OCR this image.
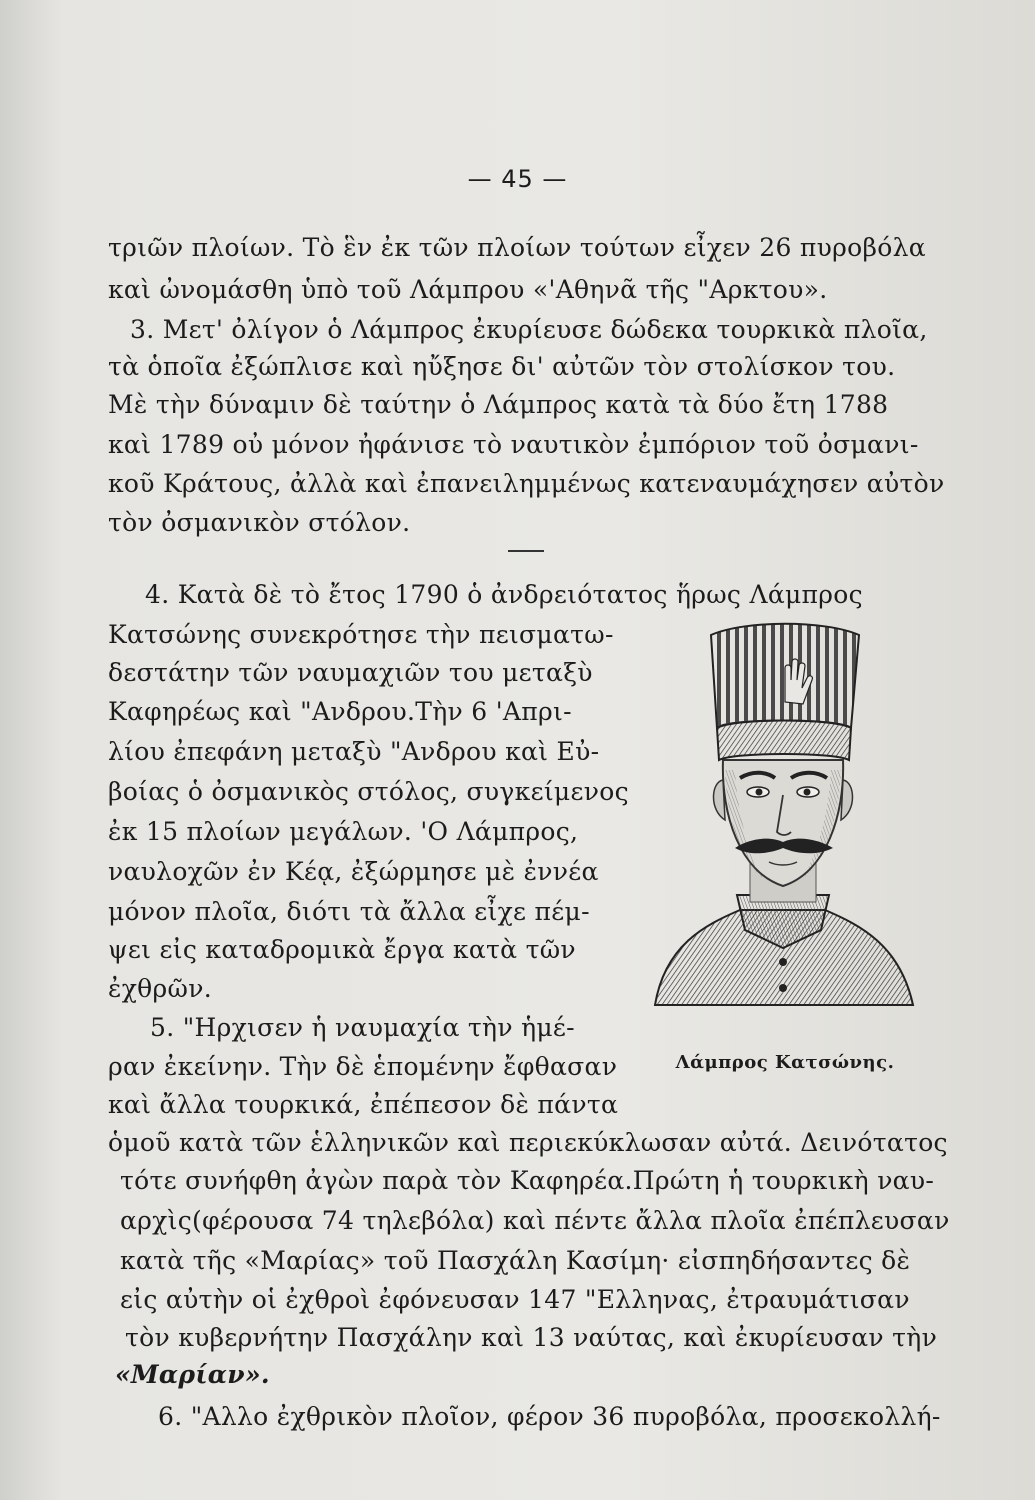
— 45 —
τριῶν πλοίων. Τὸ ἓν ἐκ τῶν πλοίων τούτων εἶχεν 26 πυροβόλα
καὶ ὠνομάσθη ὑπὸ τοῦ Λάμπρου «'Αθηνᾶ τῆς "Αρκτου».
3. Μετ' ὀλίγον ὁ Λάμπρος ἐκυρίευσε δώδεκα τουρκικὰ πλοῖα,
τὰ ὁποῖα ἐξώπλισε καὶ ηὔξησε δι' αὐτῶν τὸν στολίσκον του.
Μὲ τὴν δύναμιν δὲ ταύτην ὁ Λάμπρος κατὰ τὰ δύο ἔτη 1788
καὶ 1789 οὐ μόνον ἠφάνισε τὸ ναυτικὸν ἐμπόριον τοῦ ὀσμανι-
κοῦ Κράτους, ἀλλὰ καὶ ἐπανειλημμένως κατεναυμάχησεν αὐτὸν
τὸν ὀσμανικὸν στόλον.
4. Κατὰ δὲ τὸ ἔτος 1790 ὁ ἀνδρειότατος ἥρως Λάμπρος
Κατσώνης συνεκρότησε τὴν πεισματω-
δεστάτην τῶν ναυμαχιῶν του μεταξὺ
Καφηρέως καὶ "Ανδρου.Τὴν 6 'Απρι-
λίου ἐπεφάνη μεταξὺ "Ανδρου καὶ Εὐ-
βοίας ὁ ὀσμανικὸς στόλος, συγκείμενος
ἐκ 15 πλοίων μεγάλων. 'Ο Λάμπρος,
ναυλοχῶν ἐν Κέᾳ, ἐξώρμησε μὲ ἐννέα
μόνον πλοῖα, διότι τὰ ἄλλα εἶχε πέμ-
ψει εἰς καταδρομικὰ ἔργα κατὰ τῶν
ἐχθρῶν.
5. "Ηρχισεν ἡ ναυμαχία τὴν ἡμέ-
ραν ἐκείνην. Τὴν δὲ ἑπομένην ἔφθασαν
καὶ ἄλλα τουρκικά, ἐπέπεσον δὲ πάντα
ὁμοῦ κατὰ τῶν ἑλληνικῶν καὶ περιεκύκλωσαν αὐτά. Δεινότατος
τότε συνήφθη ἀγὼν παρὰ τὸν Καφηρέα.Πρώτη ἡ τουρκικὴ ναυ-
αρχὶς(φέρουσα 74 τηλεβόλα) καὶ πέντε ἄλλα πλοῖα ἐπέπλευσαν
κατὰ τῆς «Μαρίας» τοῦ Πασχάλη Κασίμη· εἰσπηδήσαντες δὲ
εἰς αὐτὴν οἱ ἐχθροὶ ἐφόνευσαν 147 "Ελληνας, ἐτραυμάτισαν
τὸν κυβερνήτην Πασχάλην καὶ 13 ναύτας, καὶ ἐκυρίευσαν τὴν
«Μαρίαν».
6. "Αλλο ἐχθρικὸν πλοῖον, φέρον 36 πυροβόλα, προσεκολλή-
Λάμπρος Κατσώνης.
